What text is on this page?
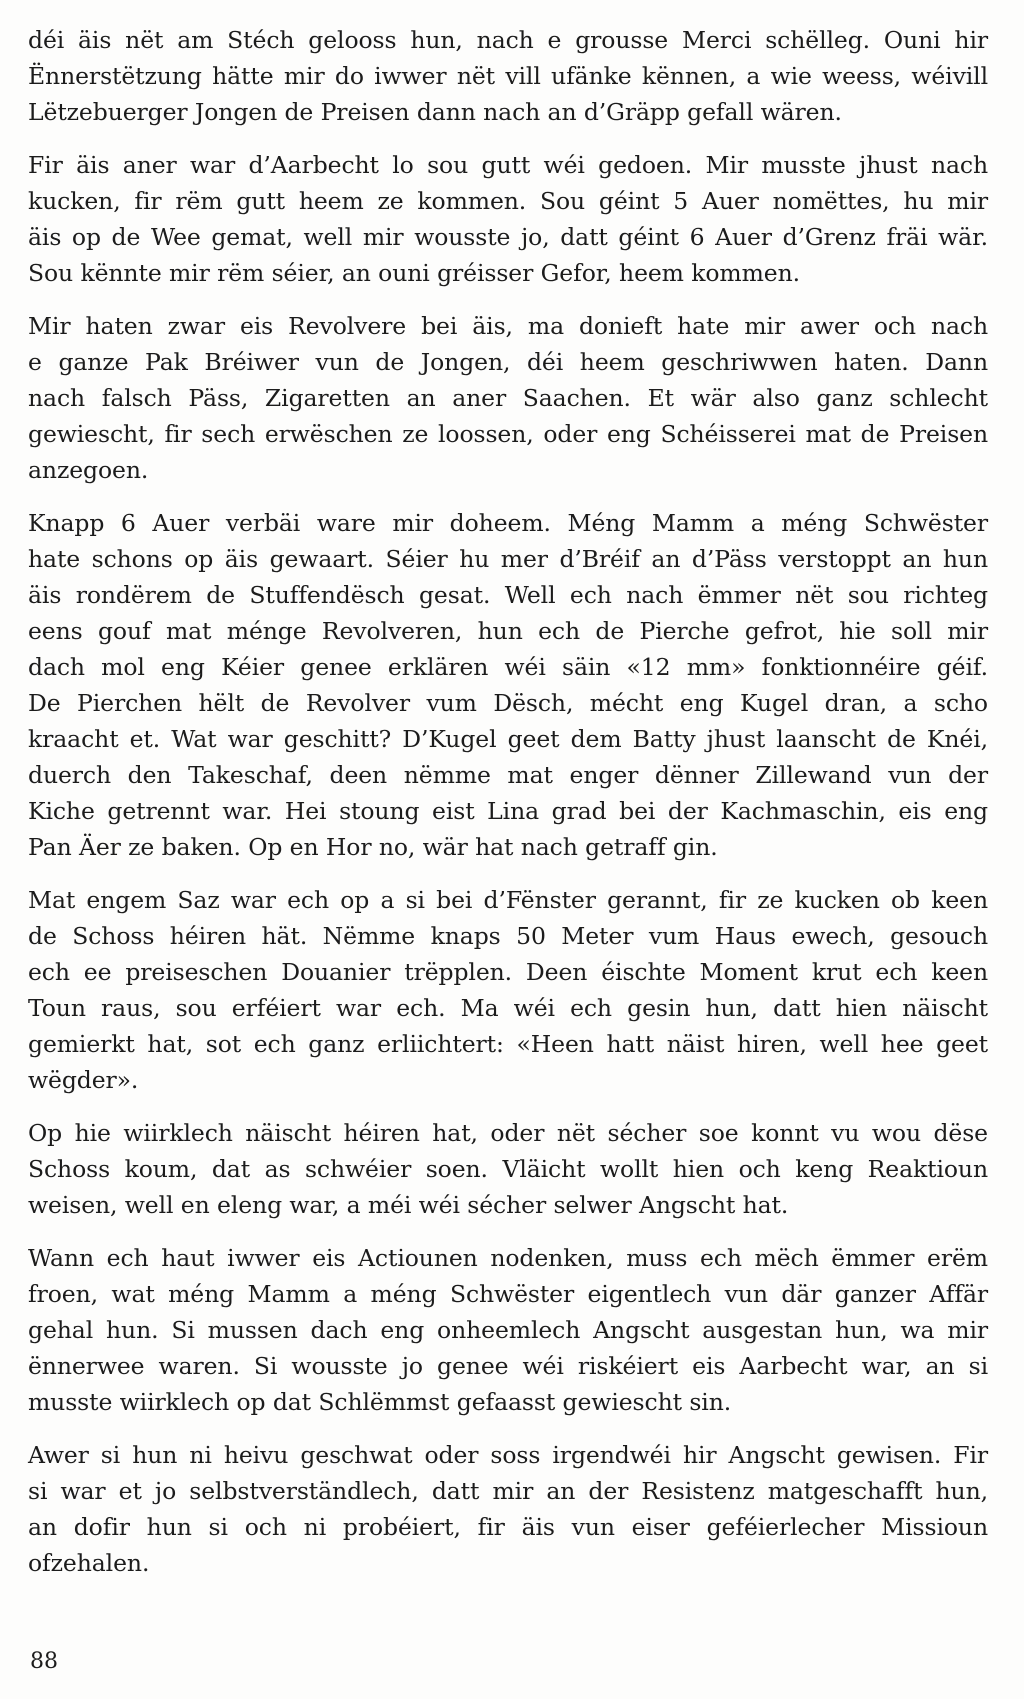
déi äis nët am Stéch gelooss hun, nach e grousse Merci schëlleg. Ouni hir
Ënnerstëtzung hätte mir do iwwer nët vill ufänke kënnen, a wie weess, wéivill
Lëtzebuerger Jongen de Preisen dann nach an d’Gräpp gefall wären.

Fir äis aner war d’Aarbecht lo sou gutt wéi gedoen. Mir musste jhust nach
kucken, fir rëm gutt heem ze kommen. Sou géint 5 Auer nomëttes, hu mir
äis op de Wee gemat, well mir wousste jo, datt géint 6 Auer d’Grenz fräi wär.
Sou kënnte mir rëm séier, an ouni gréisser Gefor, heem kommen.

Mir haten zwar eis Revolvere bei äis, ma donieft hate mir awer och nach
e ganze Pak Bréiwer vun de Jongen, déi heem geschriwwen haten. Dann
nach falsch Päss, Zigaretten an aner Saachen. Et wär also ganz schlecht
gewiescht, fir sech erwëschen ze loossen, oder eng Schéisserei mat de Preisen
anzegoen.

Knapp 6 Auer verbäi ware mir doheem. Méng Mamm a méng Schwëster
hate schons op äis gewaart. Séier hu mer d’Bréif an d’Päss verstoppt an hun
äis rondërem de Stuffendësch gesat. Well ech nach ëmmer nët sou richteg
eens gouf mat ménge Revolveren, hun ech de Pierche gefrot, hie soll mir
dach mol eng Kéier genee erklären wéi säin «12 mm» fonktionnéire géif.
De Pierchen hëlt de Revolver vum Dësch, mécht eng Kugel dran, a scho
kraacht et. Wat war geschitt? D’Kugel geet dem Batty jhust laanscht de Knéi,
duerch den Takeschaf, deen nëmme mat enger dënner Zillewand vun der
Kiche getrennt war. Hei stoung eist Lina grad bei der Kachmaschin, eis eng
Pan Äer ze baken. Op en Hor no, wär hat nach getraff gin.

Mat engem Saz war ech op a si bei d’Fënster gerannt, fir ze kucken ob keen
de Schoss héiren hät. Nëmme knaps 50 Meter vum Haus ewech, gesouch
ech ee preiseschen Douanier trëpplen. Deen éischte Moment krut ech keen
Toun raus, sou erféiert war ech. Ma wéi ech gesin hun, datt hien näischt
gemierkt hat, sot ech ganz erliichtert: «Heen hatt näist hiren, well hee geet
wëgder».

Op hie wiirklech näischt héiren hat, oder nët sécher soe konnt vu wou dëse
Schoss koum, dat as schwéier soen. Vläicht wollt hien och keng Reaktioun
weisen, well en eleng war, a méi wéi sécher selwer Angscht hat.

Wann ech haut iwwer eis Actiounen nodenken, muss ech mëch ëmmer erëm
froen, wat méng Mamm a méng Schwëster eigentlech vun där ganzer Affär
gehal hun. Si mussen dach eng onheemlech Angscht ausgestan hun, wa mir
ënnerwee waren. Si wousste jo genee wéi riskéiert eis Aarbecht war, an si
musste wiirklech op dat Schlëmmst gefaasst gewiescht sin.

Awer si hun ni heivu geschwat oder soss irgendwéi hir Angscht gewisen. Fir
si war et jo selbstverständlech, datt mir an der Resistenz matgeschafft hun,
an dofir hun si och ni probéiert, fir äis vun eiser geféierlecher Missioun
ofzehalen.

88
